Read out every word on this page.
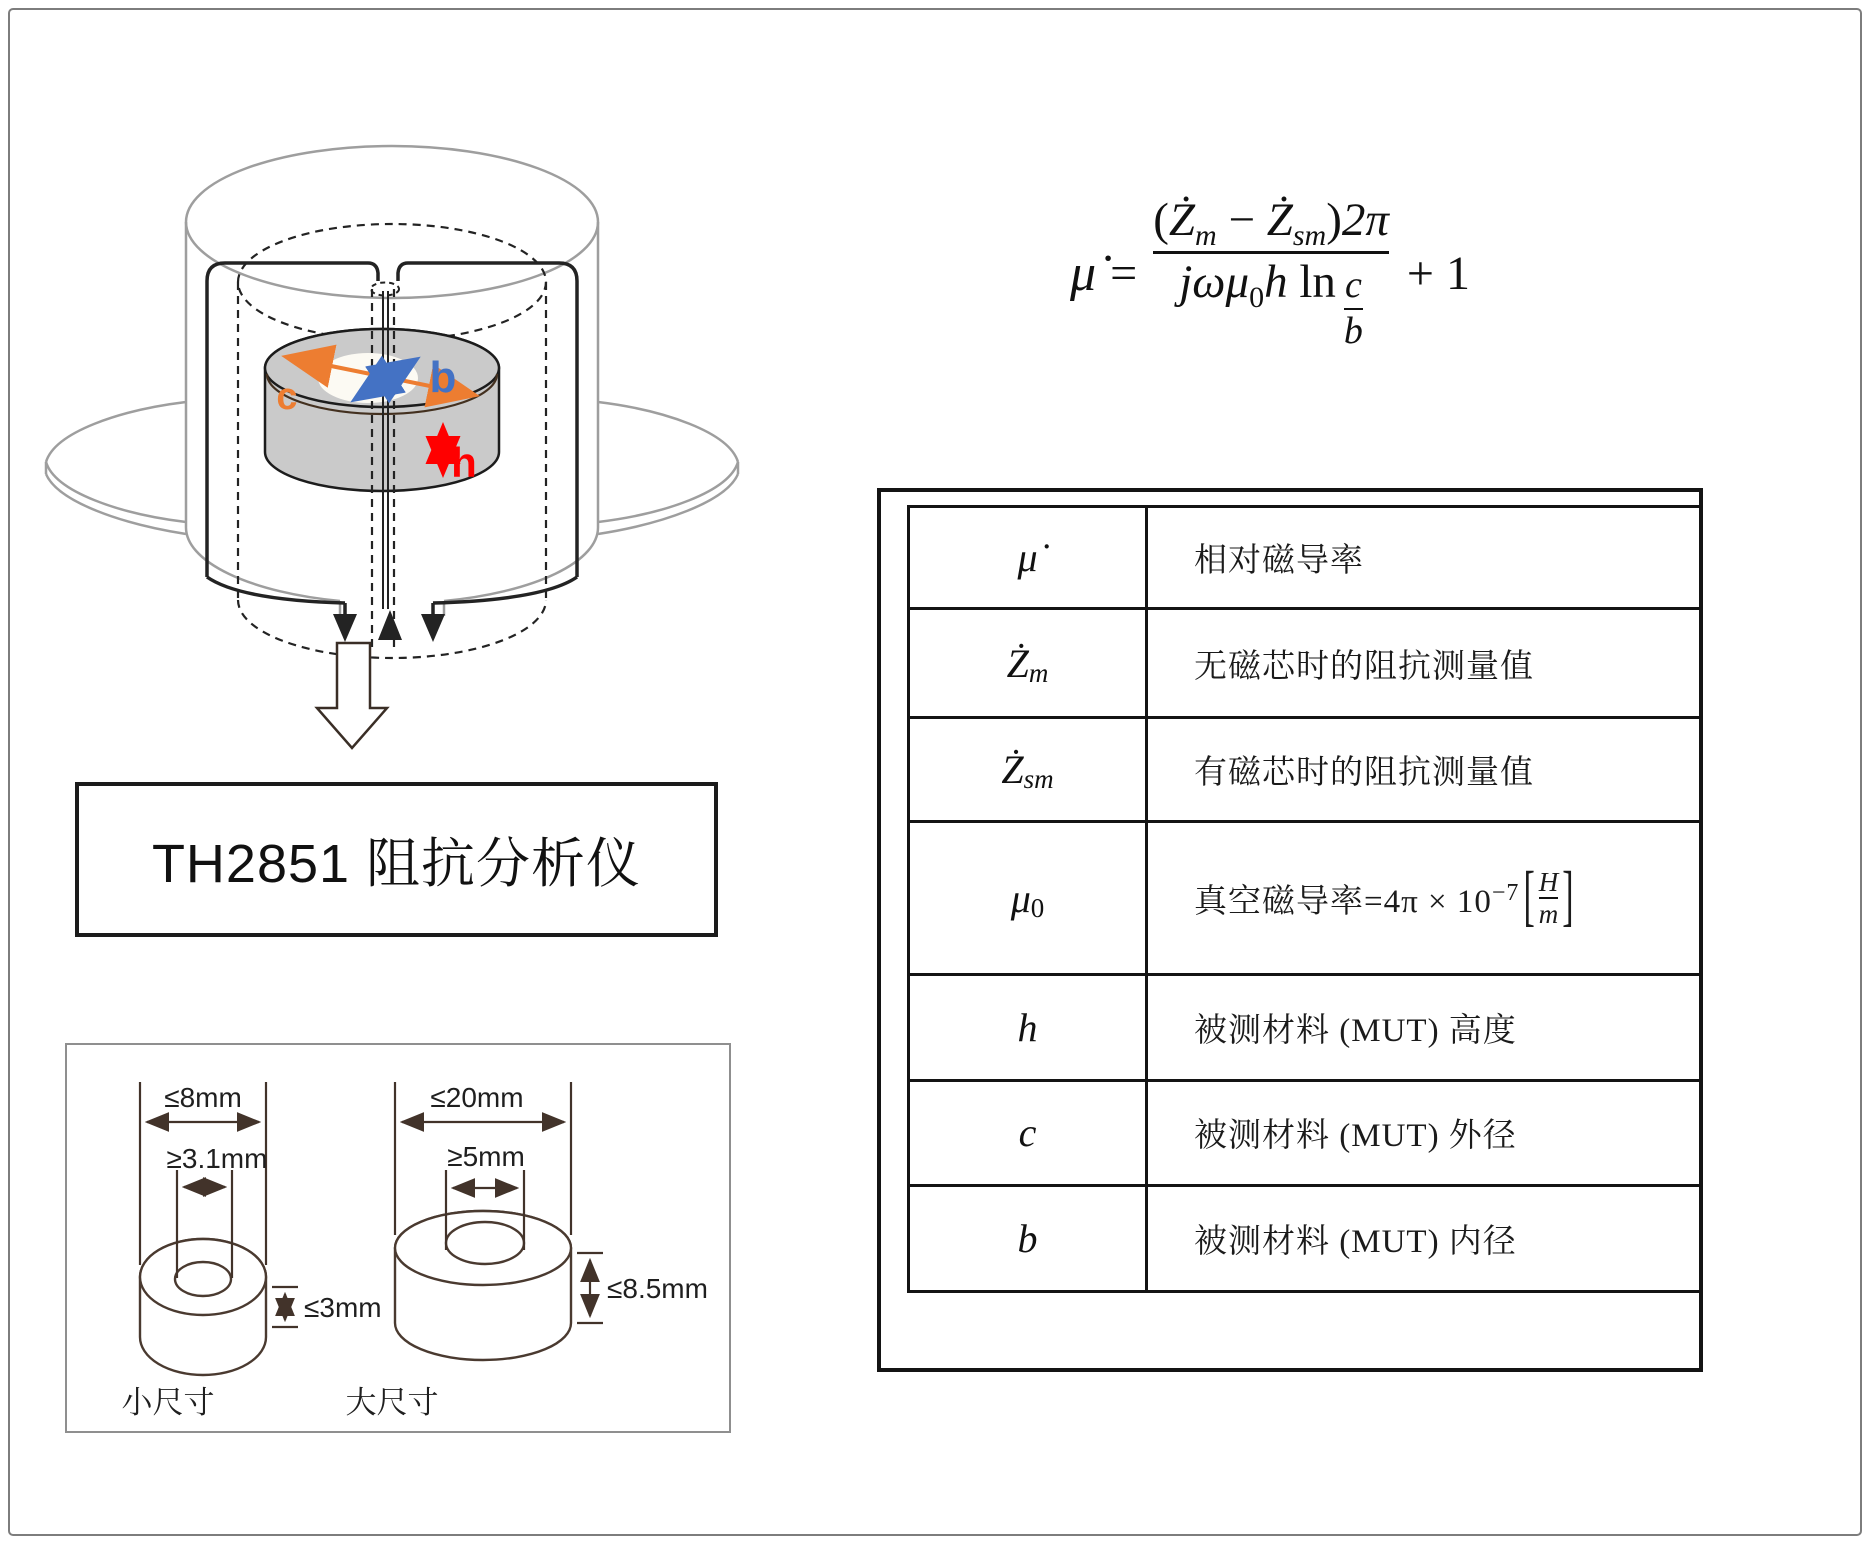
c	b
h
≤8mm
≥3.1mm
≤3mm
≤20mm
≥5mm
≤8.5mm
小尺寸	大尺寸
TH2851 阻抗分析仪
μ̇ = $\frac{\text{( Ż m − Ż sm ) 2π}}{j\omega \mu 0 h \ln \frac{c}{b}} + 1$
μ̇	相对磁导率
Ż m	无磁芯时的阻抗测量值
Ż sm	有磁芯时的阻抗测量值
μ 0	真空磁导率=4π × 10−7 [ H
m ]
h	被测材料 (MUT) 高度
c	被测材料 (MUT) 外径
b	被测材料 (MUT) 内径
